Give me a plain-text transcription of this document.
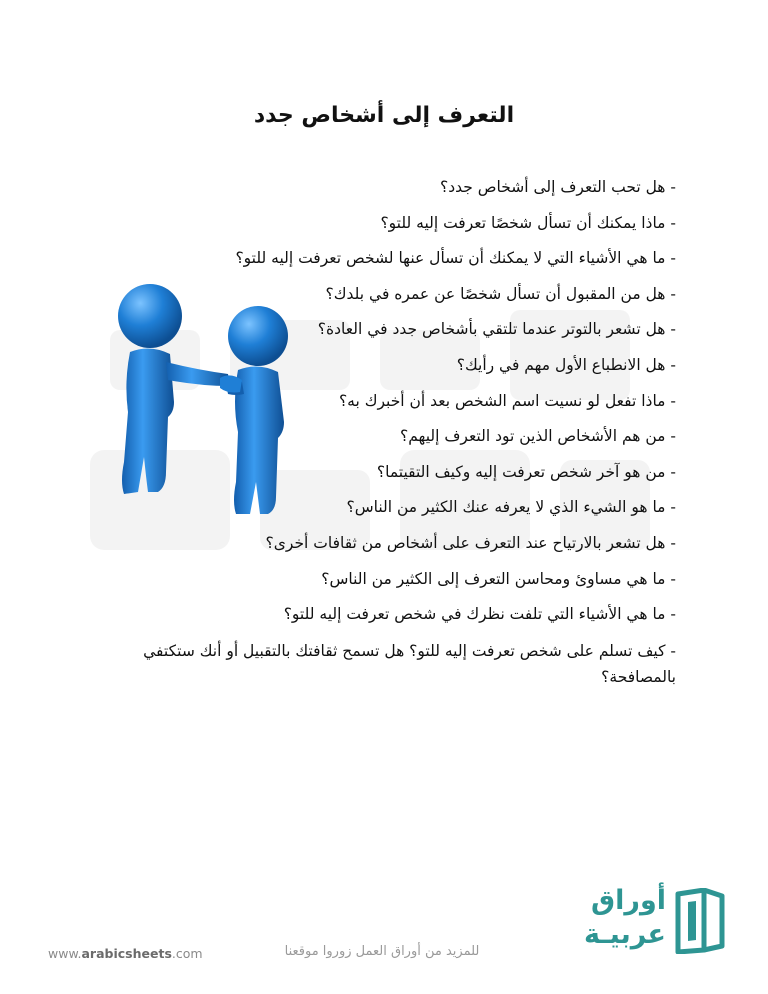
التعرف إلى أشخاص جدد
- هل تحب التعرف إلى أشخاص جدد؟
- ماذا يمكنك أن تسأل شخصًا تعرفت إليه للتو؟
- ما هي الأشياء التي لا يمكنك أن تسأل عنها لشخص تعرفت إليه للتو؟
- هل من المقبول أن تسأل شخصًا عن عمره في بلدك؟
- هل تشعر بالتوتر عندما تلتقي بأشخاص جدد في العادة؟
- هل الانطباع الأول مهم في رأيك؟
- ماذا تفعل لو نسيت اسم الشخص بعد أن أخبرك به؟
- من هم الأشخاص الذين تود التعرف إليهم؟
- من هو آخر شخص تعرفت إليه وكيف التقيتما؟
- ما هو الشيء الذي لا يعرفه عنك الكثير من الناس؟
- هل تشعر بالارتياح عند التعرف على أشخاص من ثقافات أخرى؟
- ما هي مساوئ ومحاسن التعرف إلى الكثير من الناس؟
- ما هي الأشياء التي تلفت نظرك في شخص تعرفت إليه للتو؟
- كيف تسلم على شخص تعرفت إليه للتو؟ هل تسمح ثقافتك بالتقبيل أو أنك ستكتفي بالمصافحة؟
www.arabicsheets.com	للمزيد من أوراق العمل زوروا موقعنا
أوراق
عربيـة
